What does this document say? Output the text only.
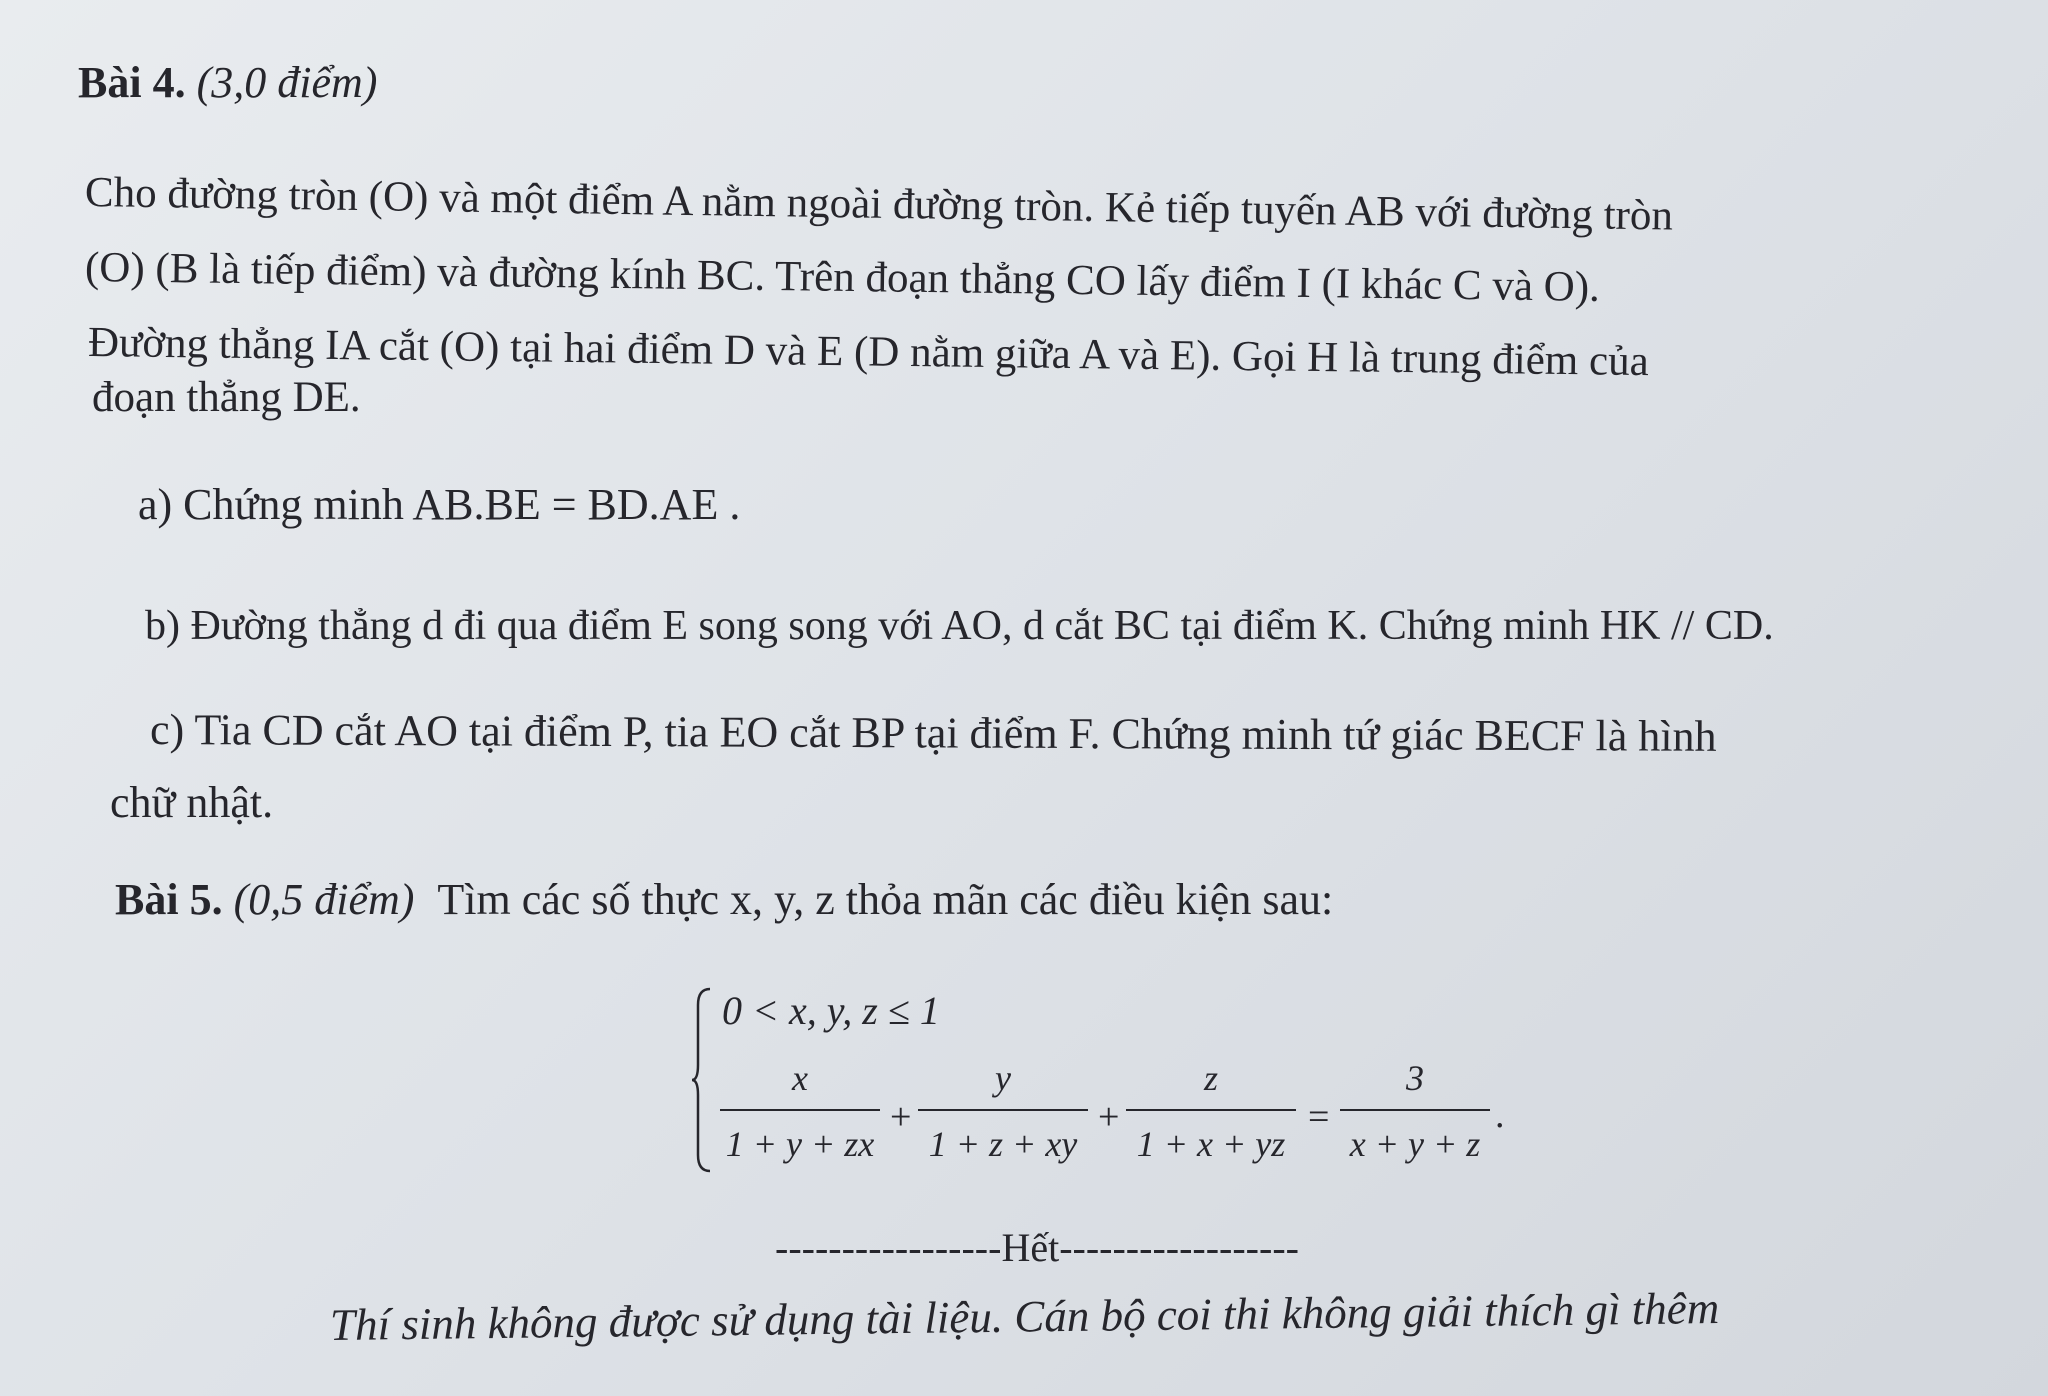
Bài 4. (3,0 điểm)
Cho đường tròn (O) và một điểm A nằm ngoài đường tròn. Kẻ tiếp tuyến AB với đường tròn
(O) (B là tiếp điểm) và đường kính BC. Trên đoạn thẳng CO lấy điểm I (I khác C và O).
Đường thẳng IA cắt (O) tại hai điểm D và E (D nằm giữa A và E). Gọi H là trung điểm của
đoạn thẳng DE.
a) Chứng minh AB.BE = BD.AE .
b) Đường thẳng d đi qua điểm E song song với AO, d cắt BC tại điểm K. Chứng minh HK // CD.
c) Tia CD cắt AO tại điểm P, tia EO cắt BP tại điểm F. Chứng minh tứ giác BECF là hình
chữ nhật.
Bài 5. (0,5 điểm) Tìm các số thực x, y, z thỏa mãn các điều kiện sau:
0 < x, y, z ≤ 1
$\frac{x}{1 + y + zx} + \frac{y}{1 + z + xy} + \frac{z}{1 + x + yz} = \frac{3}{x + y + z}$ .
-----------------Hết------------------
Thí sinh không được sử dụng tài liệu. Cán bộ coi thi không giải thích gì thêm
